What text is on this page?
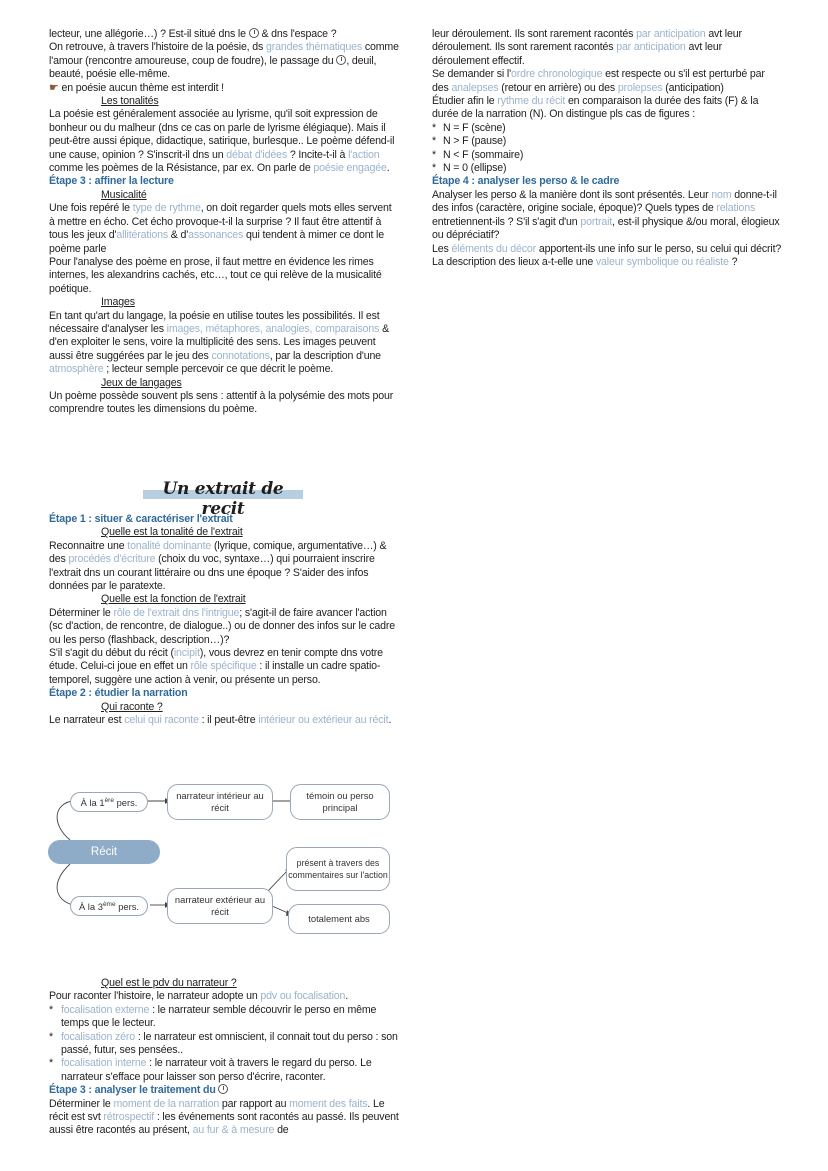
lecteur, une allégorie…) ? Est-il situé dns le & dns l'espace ?

On retrouve, à travers l'histoire de la poésie, ds grandes thématiques comme l'amour (rencontre amoureuse, coup de foudre), le passage du , deuil, beauté, poésie elle-même.

☛ en poésie aucun thème est interdit !

Les tonalités

La poésie est généralement associée au lyrisme, qu'il soit expression de bonheur ou du malheur (dns ce cas on parle de lyrisme élégiaque). Mais il peut-être aussi épique, didactique, satirique, burlesque.. Le poème défend-il une cause, opinion ? S'inscrit-il dns un débat d'idées ? Incite-t-il à l'action comme les poèmes de la Résistance, par ex. On parle de poésie engagée.

Étape 3 : affiner la lecture
Musicalité

Une fois repéré le type de rythme, on doit regarder quels mots elles servent à mettre en écho. Cet écho provoque-t-il la surprise ? Il faut être attentif à tous les jeux d'allitérations & d'assonances qui tendent à mimer ce dont le poème parle

Pour l'analyse des poème en prose, il faut mettre en évidence les rimes internes, les alexandrins cachés, etc…, tout ce qui relève de la musicalité poétique.

Images

En tant qu'art du langage, la poésie en utilise toutes les possibilités. Il est nécessaire d'analyser les images, métaphores, analogies, comparaisons & d'en exploiter le sens, voire la multiplicité des sens. Les images peuvent aussi être suggérées par le jeu des connotations, par la description d'une atmosphère ; lecteur semple percevoir ce que décrit le poème.

Jeux de langages

Un poème possède souvent pls sens : attentif à la polysémie des mots pour comprendre toutes les dimensions du poème.

Un extrait de recit
Étape 1 : situer & caractériser l'extrait
Quelle est la tonalité de l'extrait

Reconnaitre une tonalité dominante (lyrique, comique, argumentative…) & des procédés d'écriture (choix du voc, syntaxe…) qui pourraient inscrire l'extrait dns un courant littéraire ou dns une époque ? S'aider des infos données par le paratexte.

Quelle est la fonction de l'extrait

Déterminer le rôle de l'extrait dns l'intrigue; s'agit-il de faire avancer l'action (sc d'action, de rencontre, de dialogue..) ou de donner des infos sur le cadre ou les perso (flashback, description…)?

S'il s'agit du début du récit (incipit), vous devrez en tenir compte dns votre étude. Celui-ci joue en effet un rôle spécifique : il installe un cadre spatio-temporel, suggère une action à venir, ou présente un perso.

Étape 2 : étudier la narration
Qui raconte ?

Le narrateur est celui qui raconte : il peut-être intérieur ou extérieur au récit.

À la 1ère pers.
narrateur intérieur au récit
témoin ou perso principal
Récit
présent à travers des commentaires sur l'action
À la 3ème pers.
narrateur extérieur au récit
totalement abs
Quel est le pdv du narrateur ?

Pour raconter l'histoire, le narrateur adopte un pdv ou focalisation.

* focalisation externe : le narrateur semble découvrir le perso en même temps que le lecteur.
* focalisation zéro : le narrateur est omniscient, il connait tout du perso : son passé, futur, ses pensées..
* focalisation interne : le narrateur voit à travers le regard du perso. Le narrateur s'efface pour laisser son perso d'écrire, raconter.
Étape 3 : analyser le traitement du

Déterminer le moment de la narration par rapport au moment des faits. Le récit est svt rétrospectif : les événements sont racontés au passé. Ils peuvent aussi être racontés au présent, au fur & à mesure de

leur déroulement. Ils sont rarement racontés par anticipation avt leur déroulement. Ils sont rarement racontés par anticipation avt leur déroulement effectif.

Se demander si l'ordre chronologique est respecte ou s'il est perturbé par des analepses (retour en arrière) ou des prolepses (anticipation)

Étudier afin le rythme du récit en comparaison la durée des faits (F) & la durée de la narration (N). On distingue pls cas de figures :

* N = F (scène)
* N > F (pause)
* N < F (sommaire)
* N = 0 (ellipse)
Étape 4 : analyser les perso & le cadre

Analyser les perso & la manière dont ils sont présentés. Leur nom donne-t-il des infos (caractère, origine sociale, époque)? Quels types de relations entretiennent-ils ? S'il s'agit d'un portrait, est-il physique &/ou moral, élogieux ou dépréciatif?

Les éléments du décor apportent-ils une info sur le perso, su celui qui décrit? La description des lieux a-t-elle une valeur symbolique ou réaliste ?
